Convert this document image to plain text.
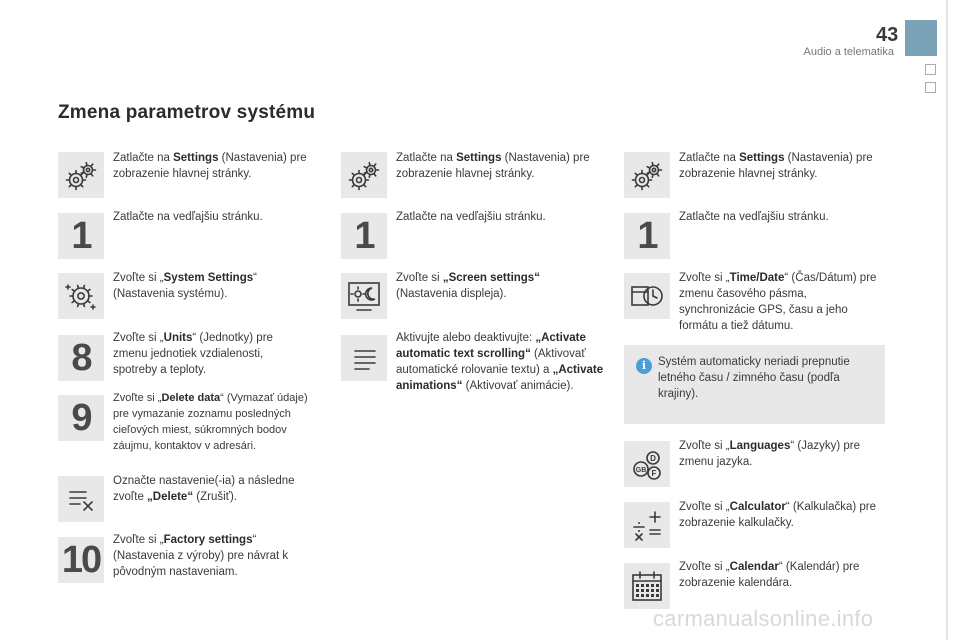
43
Audio a telematika
Zmena parametrov systému
Zatlačte na Settings (Nastavenia) pre zobrazenie hlavnej stránky.
1 Zatlačte na vedľajšiu stránku.
Zvoľte si „System Settings“ (Nastavenia systému).
8 Zvoľte si „Units“ (Jednotky) pre zmenu jednotiek vzdialenosti, spotreby a teploty.
9 Zvoľte si „Delete data“ (Vymazať údaje) pre vymazanie zoznamu posledných cieľových miest, súkromných bodov záujmu, kontaktov v adresári.
Označte nastavenie(-ia) a následne zvoľte „Delete“ (Zrušiť).
10 Zvoľte si „Factory settings“ (Nastavenia z výroby) pre návrat k pôvodným nastaveniam.
Zatlačte na Settings (Nastavenia) pre zobrazenie hlavnej stránky.
1 Zatlačte na vedľajšiu stránku.
Zvoľte si „Screen settings“ (Nastavenia displeja).
Aktivujte alebo deaktivujte: „Activate automatic text scrolling“ (Aktivovať automatické rolovanie textu) a „Activate animations“ (Aktivovať animácie).
Zatlačte na Settings (Nastavenia) pre zobrazenie hlavnej stránky.
1 Zatlačte na vedľajšiu stránku.
Zvoľte si „Time/Date“ (Čas/Dátum) pre zmenu časového pásma, synchronizácie GPS, času a jeho formátu a tiež dátumu.
i	Systém automaticky neriadi prepnutie letného času / zimného času (podľa krajiny).
GB
D
F
Zvoľte si „Languages“ (Jazyky) pre zmenu jazyka.
Zvoľte si „Calculator“ (Kalkulačka) pre zobrazenie kalkulačky.
Zvoľte si „Calendar“ (Kalendár) pre zobrazenie kalendára.
carmanualsonline.info
